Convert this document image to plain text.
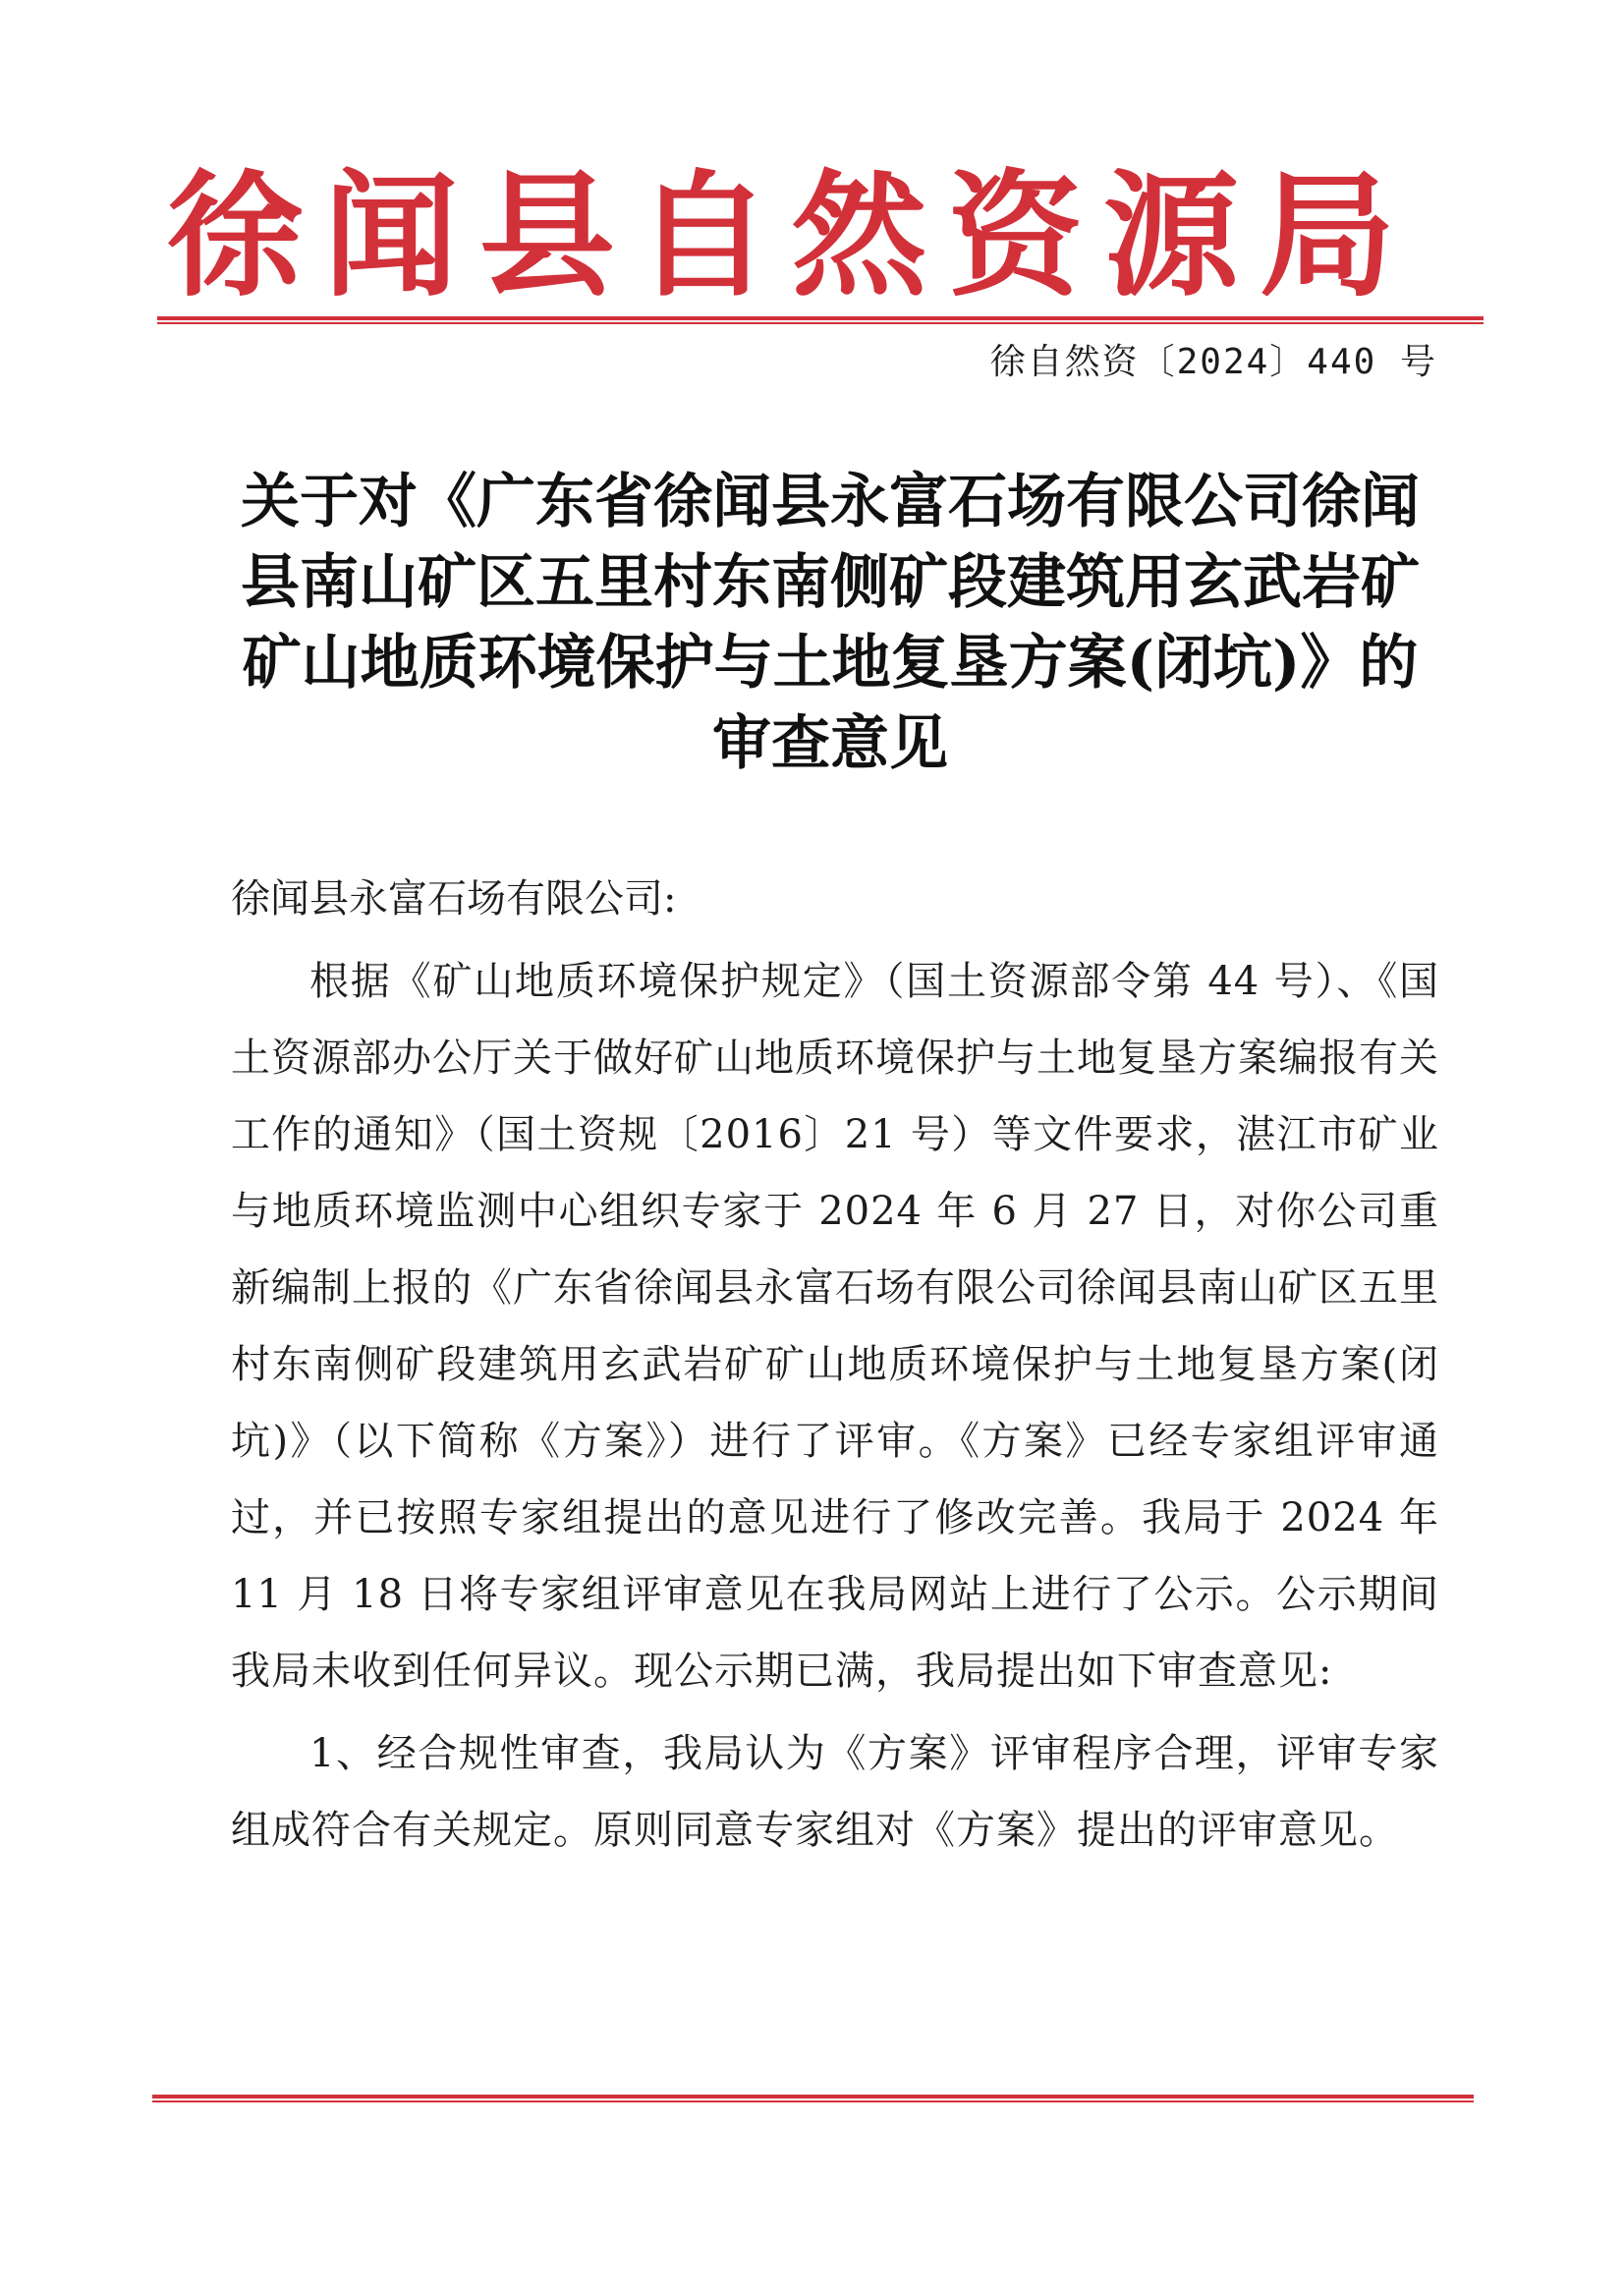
徐 闻 县 自 然 资 源 局
徐自然资〔2024〕440 号
关于对《广东省徐闻县永富石场有限公司徐闻
县南山矿区五里村东南侧矿段建筑用玄武岩矿
矿山地质环境保护与土地复垦方案(闭坑)》的
审查意见
徐闻县永富石场有限公司:

根据《矿山地质环境保护规定》（国土资源部令第 44 号）、《国土资源部办公厅关于做好矿山地质环境保护与土地复垦方案编报有关工作的通知》（国土资规〔2016〕21 号）等文件要求，湛江市矿业与地质环境监测中心组织专家于 2024 年 6 月 27 日，对你公司重新编制上报的《广东省徐闻县永富石场有限公司徐闻县南山矿区五里村东南侧矿段建筑用玄武岩矿矿山地质环境保护与土地复垦方案(闭坑)》（以下简称《方案》）进行了评审。《方案》已经专家组评审通过，并已按照专家组提出的意见进行了修改完善。我局于 2024 年 11 月 18 日将专家组评审意见在我局网站上进行了公示。公示期间我局未收到任何异议。现公示期已满，我局提出如下审查意见:

1、经合规性审查，我局认为《方案》评审程序合理，评审专家组成符合有关规定。原则同意专家组对《方案》提出的评审意见。
